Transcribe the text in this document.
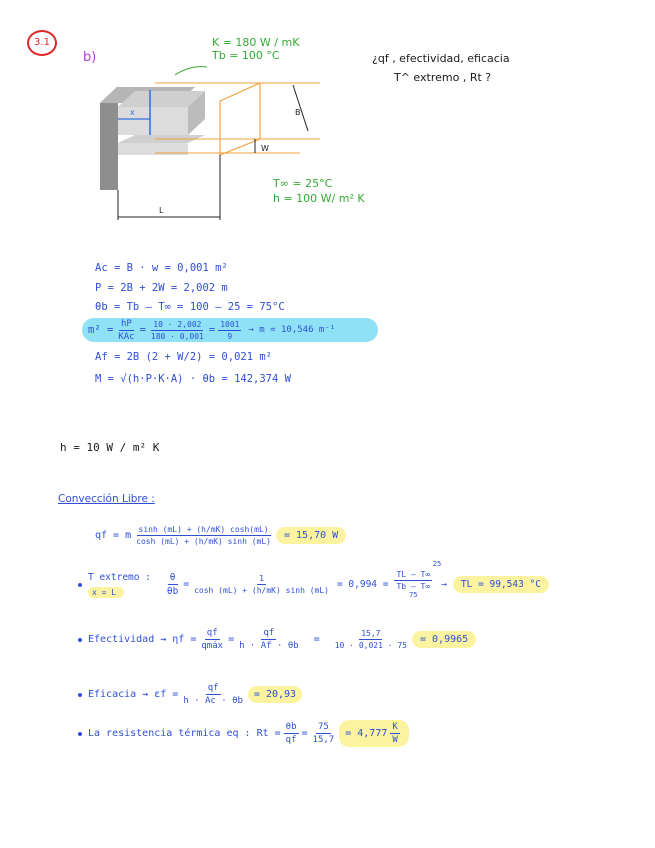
3.1
b)
x	B
W
L
K = 180 W / mK
Tb = 100 °C	¿qf , efectividad, eficacia
T^ extremo , Rt ?
T∞ = 25°C
h = 100 W/ m² K
Ac = B · w = 0,001 m²
P = 2B + 2W = 2,002 m
θb = Tb – T∞ = 100 – 25 = 75°C
$m^2 = \frac{hP}{\text{KAc}} = \frac{10 \cdot 2,002}{180 \cdot 0,001} = \frac{1001}{9} \to m = 10,546$ m⁻¹
Af = 2B (2 + W/2) = 0,021 m²
M = √(h·P·K·A) · θb = 142,374 W
h = 10 W / m² K
Convección Libre :
qf = m $\frac{\sinh (mL) + (h/mK) \cosh(mL)}{\cosh (mL) + (h/mK) \sinh (mL)}$	= 15,70 W
T extremo :
x = L	$\frac{\theta}{\theta b} = \frac{1}{\cosh (mL) + (h/mK) \sinh (mL)} = 0,994$ =
25
$\frac{TL - T\infty}{Tb - T\infty}$
75
→	TL = 99,543 °C
Efectividad ⇝ $\eta f = \frac{qf}{\text{qmáx}} = \frac{qf}{h \cdot Af \cdot \theta b} = \frac{15,7}{10 \cdot 0,021 \cdot 75}$	= 0,9965
Eficacia ⇝ $\varepsilon f = \frac{qf}{h \cdot Ac \cdot \theta b} = 20,93$
La resistencia térmica eq : $Rt = \frac{\theta b}{qf} = \frac{75}{15,7} = 4,777 \frac{K}{W}$
